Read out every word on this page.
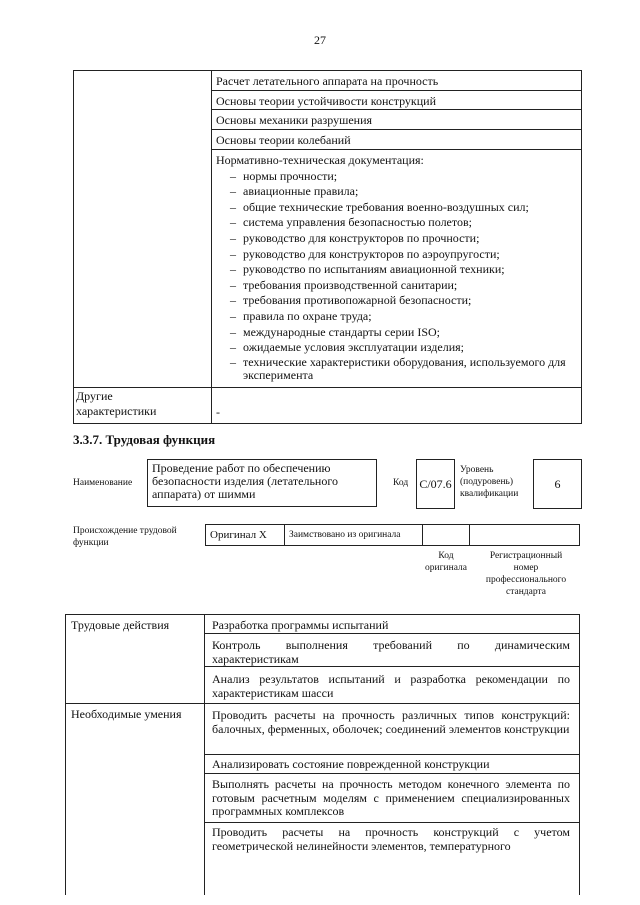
27
Расчет летательного аппарата на прочность
Основы теории устойчивости конструкций
Основы механики разрушения
Основы теории колебаний
Нормативно-техническая документация:
– нормы прочности;
– авиационные правила;
– общие технические требования военно-воздушных сил;
– система управления безопасностью полетов;
– руководство для конструкторов по прочности;
– руководство для конструкторов по аэроупругости;
– руководство по испытаниям авиационной техники;
– требования производственной санитарии;
– требования противопожарной безопасности;
– правила по охране труда;
– международные стандарты серии ISO;
– ожидаемые условия эксплуатации изделия;
– технические характеристики оборудования, используемого для эксперимента
Другие
характеристики	-
3.3.7. Трудовая функция
Наименование
Проведение работ по обеспечению безопасности изделия (летательного аппарата) от шимми
Код С/07.6
Уровень
(подуровень)
квалификации
6
Происхождение трудовой
функции
Оригинал X	Заимствовано из оригинала
Код
оригинала
Регистрационный
номер
профессионального
стандарта
Трудовые действия	Разработка программы испытаний
Контроль выполнения требований по динамическим характеристикам
Анализ результатов испытаний и разработка рекомендации по характеристикам шасси
Необходимые умения	Проводить расчеты на прочность различных типов конструкций: балочных, ферменных, оболочек; соединений элементов конструкции
Анализировать состояние поврежденной конструкции
Выполнять расчеты на прочность методом конечного элемента по готовым расчетным моделям с применением специализированных программных комплексов
Проводить расчеты на прочность конструкций с учетом геометрической нелинейности элементов, температурного
